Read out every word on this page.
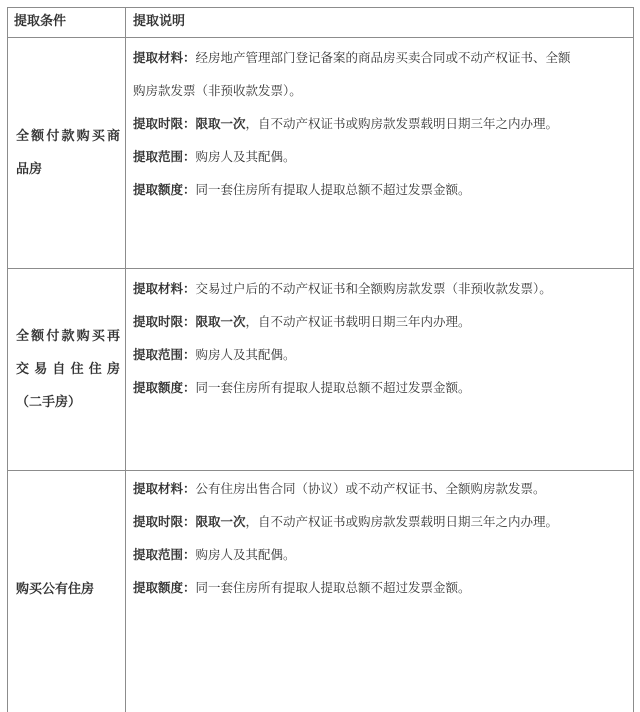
提取条件	提取说明
全额付款购买商
品房

提取材料：经房地产管理部门登记备案的商品房买卖合同或不动产权证书、全额

购房款发票（非预收款发票）。

提取时限：限取一次，自不动产权证书或购房款发票载明日期三年之内办理。

提取范围：购房人及其配偶。

提取额度：同一套住房所有提取人提取总额不超过发票金额。

全额付款购买再
交易自住住房
（二手房）

提取材料：交易过户后的不动产权证书和全额购房款发票（非预收款发票）。

提取时限：限取一次，自不动产权证书载明日期三年内办理。

提取范围：购房人及其配偶。

提取额度：同一套住房所有提取人提取总额不超过发票金额。

购买公有住房

提取材料：公有住房出售合同（协议）或不动产权证书、全额购房款发票。

提取时限：限取一次，自不动产权证书或购房款发票载明日期三年之内办理。

提取范围：购房人及其配偶。

提取额度：同一套住房所有提取人提取总额不超过发票金额。
